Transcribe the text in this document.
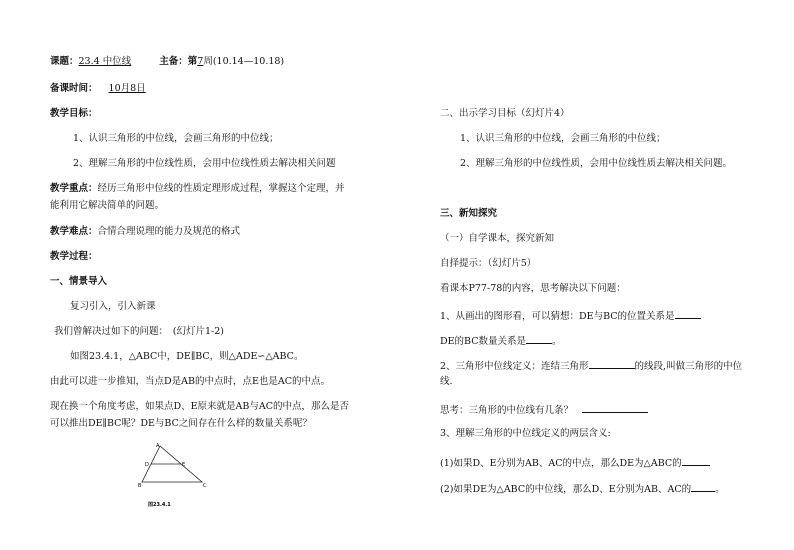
课题：23.4 中位线	主备：第7周(10.14—10.18)
备课时间： 10月8日
教学目标：
1、认识三角形的中位线，会画三角形的中位线；
2、理解三角形的中位线性质，会用中位线性质去解决相关问题
教学重点：经历三角形中位线的性质定理形成过程，掌握这个定理，并
能利用它解决简单的问题。
教学难点：合情合理说理的能力及规范的格式
教学过程：
一、情景导入
复习引入，引入新课
我们曾解决过如下的问题：　(幻灯片1-2)
如图23.4.1，△ABC中，DE∥BC，则△ADE∽△ABC。
由此可以进一步推知，当点D是AB的中点时，点E也是AC的中点。
现在换一个角度考虑，如果点D、E原来就是AB与AC的中点，那么是否
可以推出DE∥BC呢？DE与BC之间存在什么样的数量关系呢？
A
D	E
B	C
图23.4.1
二、出示学习目标（幻灯片4）
1、认识三角形的中位线，会画三角形的中位线；
2、理解三角形的中位线性质，会用中位线性质去解决相关问题。
三、新知探究
（一）自学课本，探究新知
自择提示：（幻灯片5）
看课本P77-78的内容，思考解决以下问题：
1、从画出的图形看，可以猜想：DE与BC的位置关系是
DE的BC数量关系是	。
2、三角形中位线定义：连结三角形	的线段,叫做三角形的中位
线.
思考：三角形的中位线有几条？
3、理解三角形的中位线定义的两层含义:
(1)如果D、E分别为AB、AC的中点，那么DE为△ABC的
(2)如果DE为△ABC的中位线，那么D、E分别为AB、AC的	。
